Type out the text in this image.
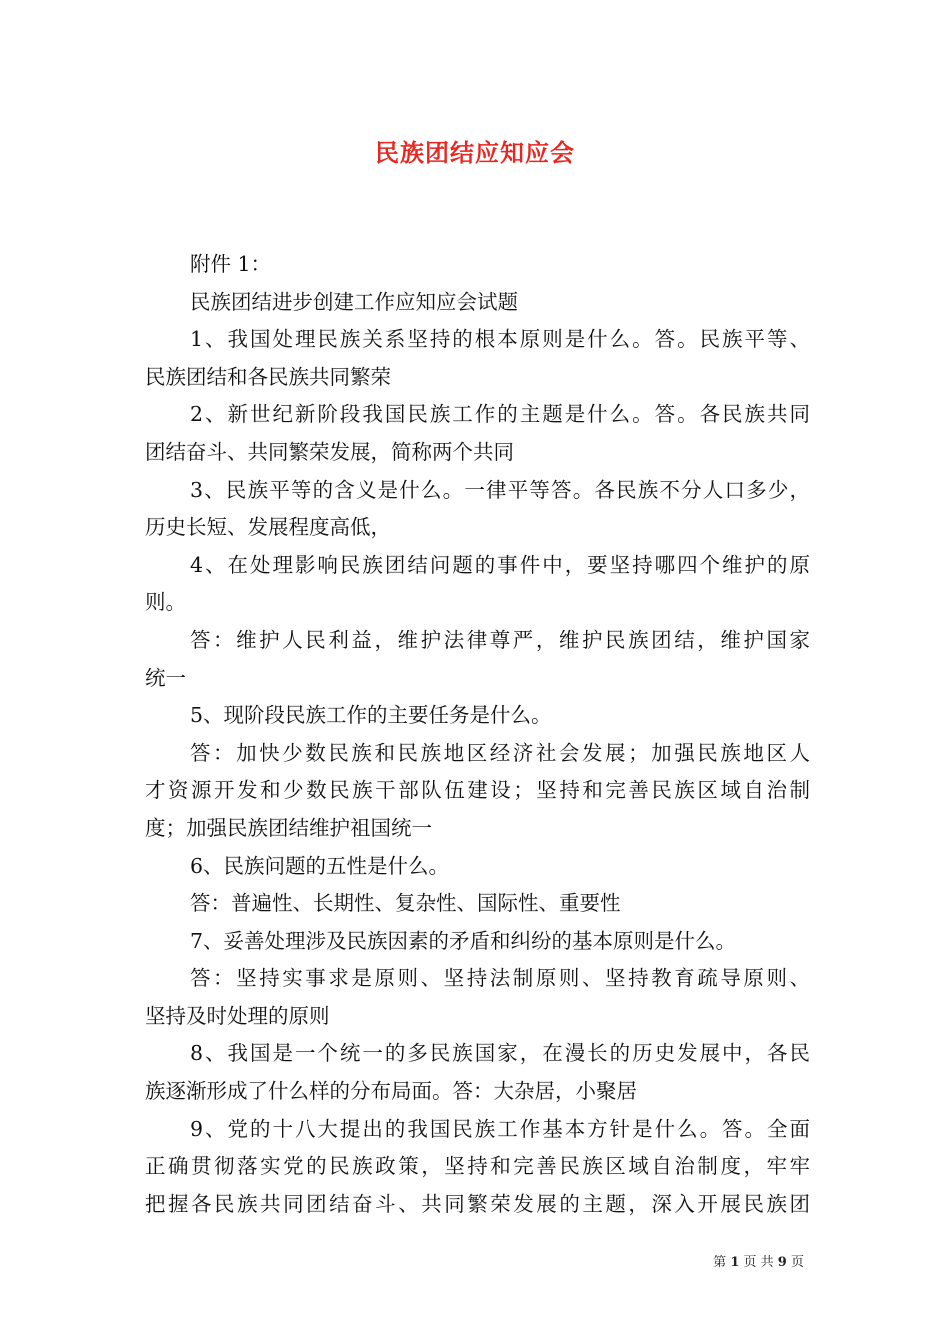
民族团结应知应会
附件 1：
民族团结进步创建工作应知应会试题
1、我国处理民族关系坚持的根本原则是什么。答。民族平等、
民族团结和各民族共同繁荣
2、新世纪新阶段我国民族工作的主题是什么。答。各民族共同
团结奋斗、共同繁荣发展，简称两个共同
3、民族平等的含义是什么。一律平等答。各民族不分人口多少，
历史长短、发展程度高低，
4、在处理影响民族团结问题的事件中，要坚持哪四个维护的原
则。
答：维护人民利益，维护法律尊严，维护民族团结，维护国家
统一
5、现阶段民族工作的主要任务是什么。
答：加快少数民族和民族地区经济社会发展；加强民族地区人
才资源开发和少数民族干部队伍建设；坚持和完善民族区域自治制
度；加强民族团结维护祖国统一
6、民族问题的五性是什么。
答：普遍性、长期性、复杂性、国际性、重要性
7、妥善处理涉及民族因素的矛盾和纠纷的基本原则是什么。
答：坚持实事求是原则、坚持法制原则、坚持教育疏导原则、
坚持及时处理的原则
8、我国是一个统一的多民族国家，在漫长的历史发展中，各民
族逐渐形成了什么样的分布局面。答：大杂居，小聚居
9、党的十八大提出的我国民族工作基本方针是什么。答。全面
正确贯彻落实党的民族政策，坚持和完善民族区域自治制度，牢牢
把握各民族共同团结奋斗、共同繁荣发展的主题，深入开展民族团
第 1 页 共 9 页
